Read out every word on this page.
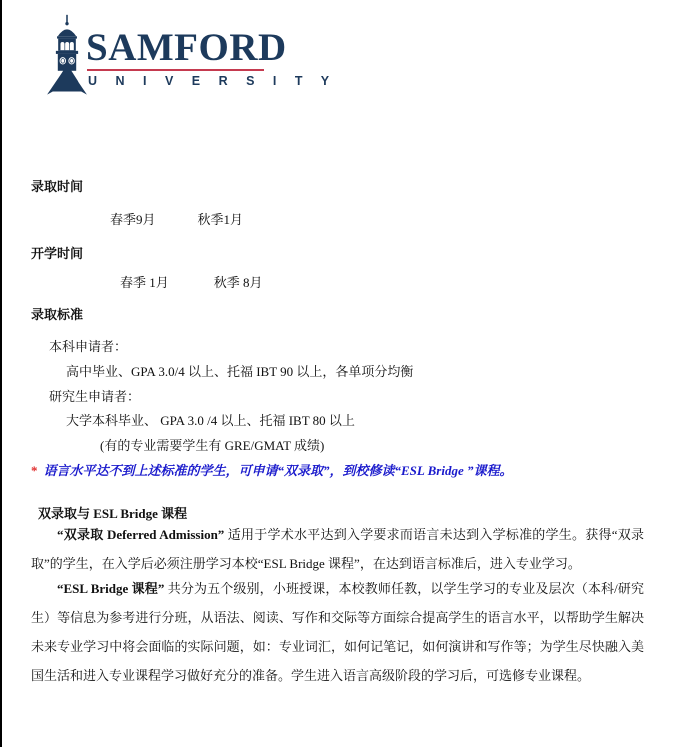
SAMFORD
U N I V E R S I T Y
录取时间
春季9月	秋季1月
开学时间
春季 1月	秋季 8月
录取标准
本科申请者：
高中毕业、GPA 3.0/4 以上、托福 IBT 90 以上，各单项分均衡
研究生申请者：
大学本科毕业、 GPA 3.0 /4 以上、托福 IBT 80 以上
(有的专业需要学生有 GRE/GMAT 成绩)
* 语言水平达不到上述标准的学生，可申请“双录取”，到校修读“ESL Bridge ”课程。
双录取与 ESL Bridge 课程
“双录取 Deferred Admission” 适用于学术水平达到入学要求而语言未达到入学标准的学生。获得“双录取”的学生，在入学后必须注册学习本校“ESL Bridge 课程”，在达到语言标准后，进入专业学习。
“ESL Bridge 课程” 共分为五个级别，小班授课，本校教师任教，以学生学习的专业及层次（本科/研究生）等信息为参考进行分班，从语法、阅读、写作和交际等方面综合提高学生的语言水平，以帮助学生解决未来专业学习中将会面临的实际问题，如：专业词汇，如何记笔记，如何演讲和写作等；为学生尽快融入美国生活和进入专业课程学习做好充分的准备。学生进入语言高级阶段的学习后，可选修专业课程。
